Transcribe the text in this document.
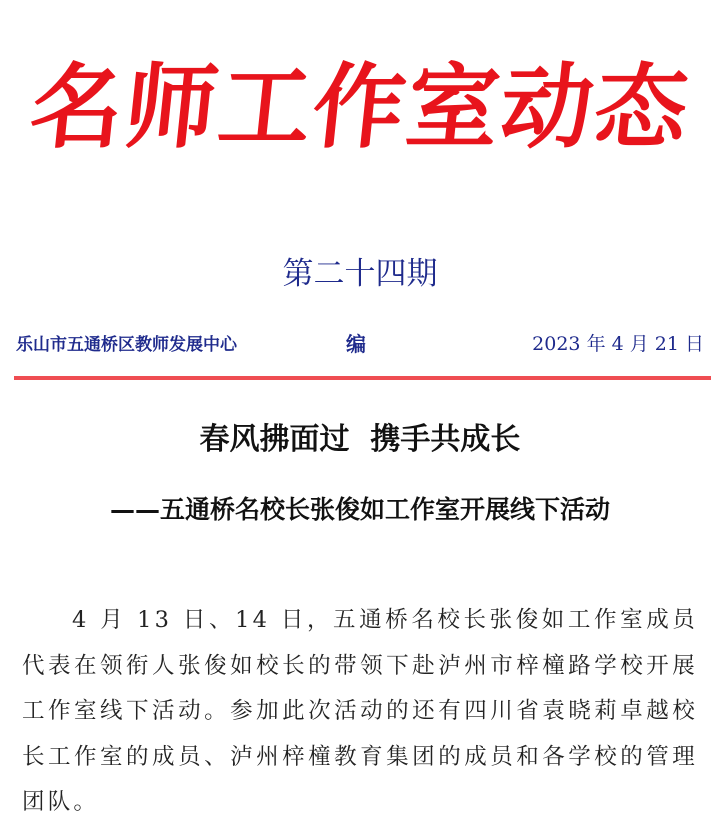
名师工作室动态
第二十四期
乐山市五通桥区教师发展中心	编	2023 年 4 月 21 日
春风拂面过  携手共成长
——五通桥名校长张俊如工作室开展线下活动

4 月 13 日、14 日，五通桥名校长张俊如工作室成员代表在领衔人张俊如校长的带领下赴泸州市梓橦路学校开展工作室线下活动。参加此次活动的还有四川省袁晓莉卓越校长工作室的成员、泸州梓橦教育集团的成员和各学校的管理团队。
